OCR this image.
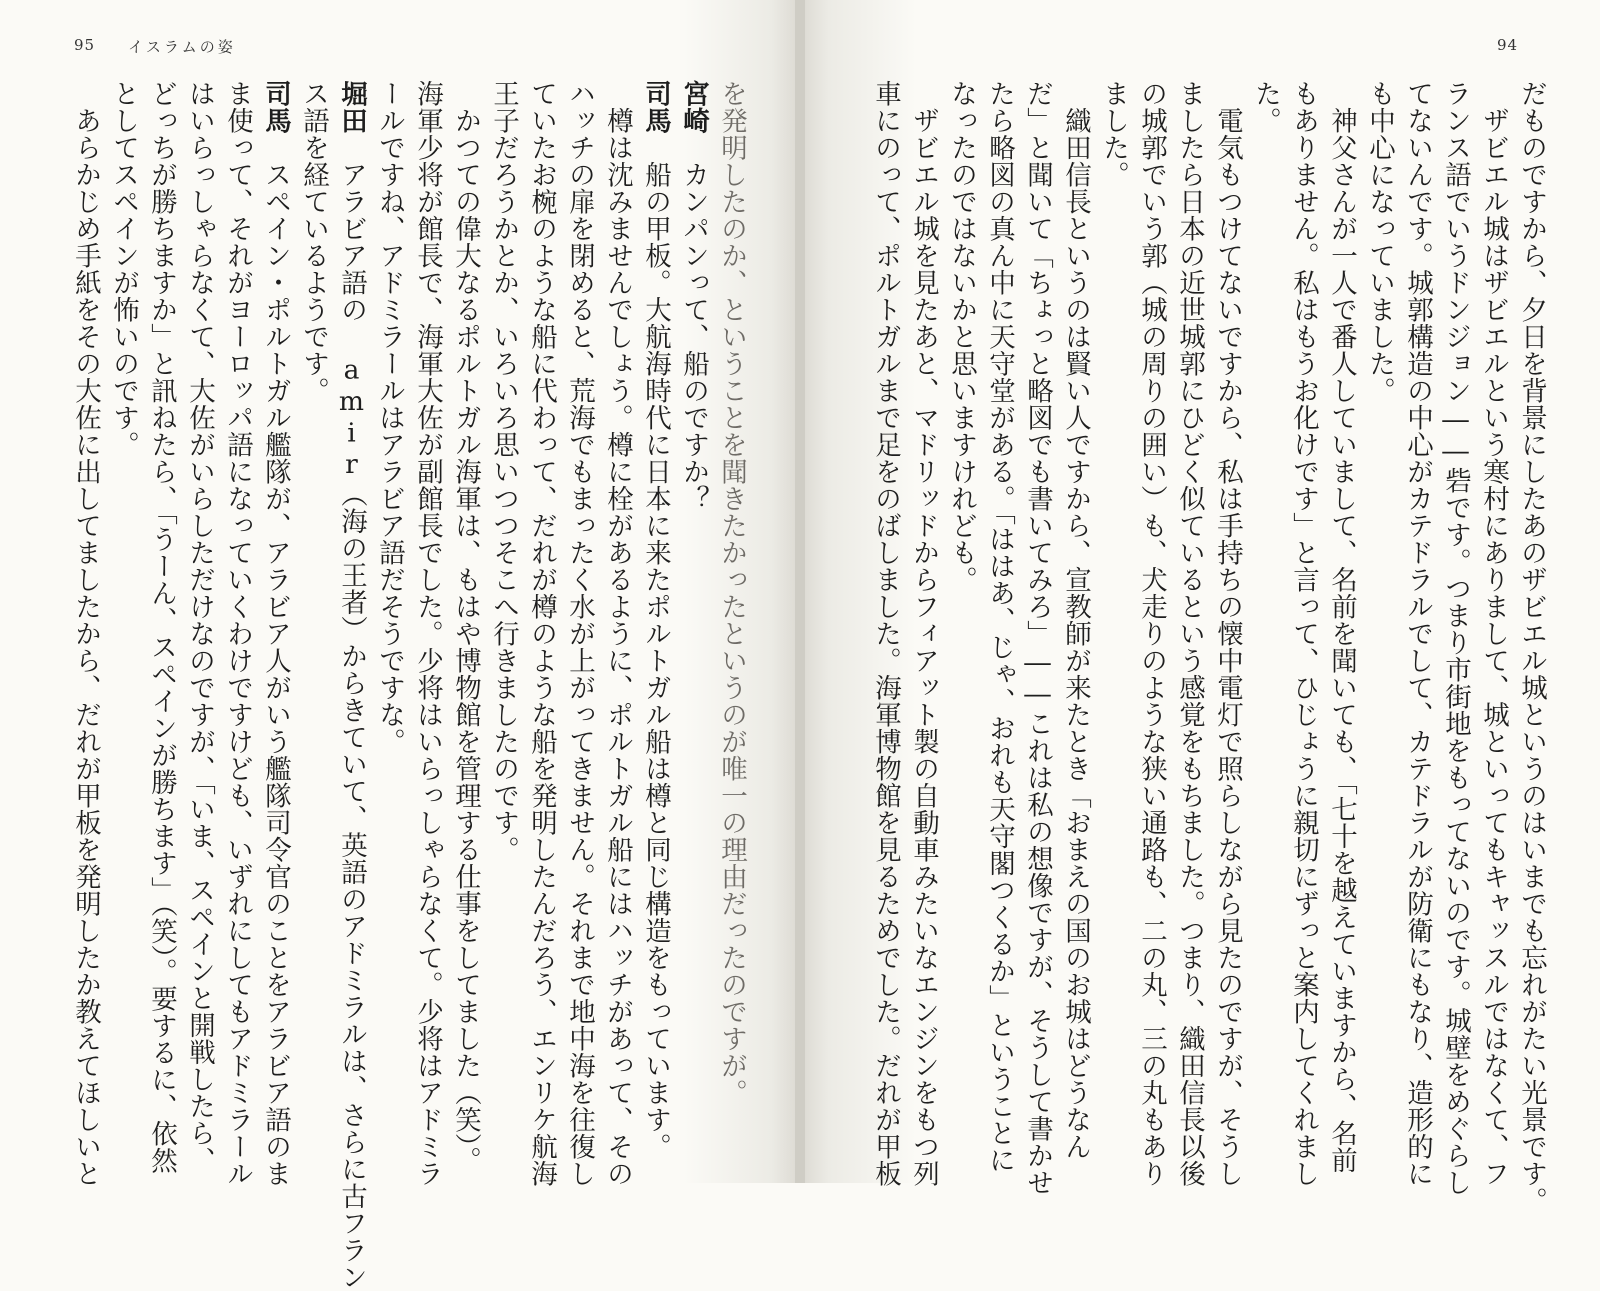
95 イスラムの姿	94
だものですから、夕日を背景にしたあのザビエル城というのはいまでも忘れがたい光景です。
　ザビエル城はザビエルという寒村にありまして、城といってもキャッスルではなくて、フ
ランス語でいうドンジョン――砦です。つまり市街地をもってないのです。城壁をめぐらし
てないんです。城郭構造の中心がカテドラルでして、カテドラルが防衛にもなり、造形的に
も中心になっていました。
　神父さんが一人で番人していまして、名前を聞いても、「七十を越えていますから、名前
もありません。私はもうお化けです」と言って、ひじょうに親切にずっと案内してくれまし
た。
　電気もつけてないですから、私は手持ちの懐中電灯で照らしながら見たのですが、そうし
ましたら日本の近世城郭にひどく似ているという感覚をもちました。つまり、織田信長以後
の城郭でいう郭（城の周りの囲い）も、犬走りのような狭い通路も、二の丸、三の丸もあり
ました。
　織田信長というのは賢い人ですから、宣教師が来たとき「おまえの国のお城はどうなん
だ」と聞いて「ちょっと略図でも書いてみろ」――これは私の想像ですが、そうして書かせ
たら略図の真ん中に天守堂がある。「ははあ、じゃ、おれも天守閣つくるか」ということに
なったのではないかと思いますけれども。
　ザビエル城を見たあと、マドリッドからフィアット製の自動車みたいなエンジンをもつ列
車にのって、ポルトガルまで足をのばしました。海軍博物館を見るためでした。だれが甲板
を発明したのか、ということを聞きたかったというのが唯一の理由だったのですが。
宮崎　カンパンって、船のですか？
司馬　船の甲板。大航海時代に日本に来たポルトガル船は樽と同じ構造をもっています。
　樽は沈みませんでしょう。樽に栓があるように、ポルトガル船にはハッチがあって、その
ハッチの扉を閉めると、荒海でもまったく水が上がってきません。それまで地中海を往復し
ていたお椀のような船に代わって、だれが樽のような船を発明したんだろう、エンリケ航海
王子だろうかとか、いろいろ思いつつそこへ行きましたのです。
　かつての偉大なるポルトガル海軍は、もはや博物館を管理する仕事をしてました（笑）。
海軍少将が館長で、海軍大佐が副館長でした。少将はいらっしゃらなくて。少将はアドミラ
ールですね、アドミラールはアラビア語だそうですな。
堀田　アラビア語の amir（海の王者）からきていて、英語のアドミラルは、さらに古フラン
ス語を経ているようです。
司馬　スペイン・ポルトガル艦隊が、アラビア人がいう艦隊司令官のことをアラビア語のま
ま使って、それがヨーロッパ語になっていくわけですけども、いずれにしてもアドミラール
はいらっしゃらなくて、大佐がいらしただけなのですが、「いま、スペインと開戦したら、
どっちが勝ちますか」と訊ねたら、「うーん、スペインが勝ちます」（笑）。要するに、依然
としてスペインが怖いのです。
　あらかじめ手紙をその大佐に出してましたから、だれが甲板を発明したか教えてほしいと
